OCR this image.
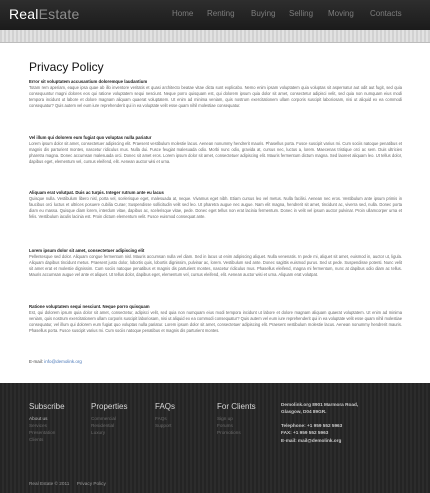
RealEstate	Home Renting Buying Selling Moving Contacts
Privacy Policy
Error sit voluptatem accusantium doloremque laudantium
Totam rem aperiam, eaque ipsa quae ab illo inventore veritatis et quasi architecto beatae vitae dicta sunt explicabo. Nemo enim ipsam voluptatem quia voluptas sit aspernatur aut odit aut fugit, sed quia consequuntur magni dolores eos qui ratione voluptatem sequi nesciunt. Neque porro quisquam est, qui dolorem ipsum quia dolor sit amet, consectetur adipisci velit, sed quia non numquam eius modi tempora incidunt ut labore et dolore magnam aliquam quaerat voluptatem. Ut enim ad minima veniam, quis nostrum exercitationem ullam corporis suscipit laboriosam, nisi ut aliquid ex ea commodi consequatur? Quis autem vel eum iure reprehenderit qui in ea voluptate velit esse quam nihil molestiae consequatur.
Vel illum qui dolorem eum fugiat quo voluptas nulla pariatur
Lorem ipsum dolor sit amet, consectetuer adipiscing elit. Praesent vestibulum molestie lacus. Aenean nonummy hendrerit mauris. Phasellus porta. Fusce suscipit varius mi. Cum sociis natoque penatibus et magnis dis parturient montes, nascetur ridiculus mus. Nulla dui. Fusce feugiat malesuada odio. Morbi nunc odio, gravida at, cursus nec, luctus a, lorem. Maecenas tristique orci ac sem. Duis ultricies pharetra magna. Donec accumsan malesuada orci. Donec sit amet eros. Lorem ipsum dolor sit amet, consectetuer adipiscing elit. Mauris fermentum dictum magna. Sed laoreet aliquam leo. Ut tellus dolor, dapibus eget, elementum vel, cursus eleifend, elit. Aenean auctor wisi et urna.
Aliquam erat volutpat. Duis ac turpis. Integer rutrum ante eu lacus
Quisque nulla. Vestibulum libero nisl, porta vel, scelerisque eget, malesuada at, neque. Vivamus eget nibh. Etiam cursus leo vel metus. Nulla facilisi. Aenean nec eros. Vestibulum ante ipsum primis in faucibus orci luctus et ultrices posuere cubilia Curae; Suspendisse sollicitudin velit sed leo. Ut pharetra augue nec augue. Nam elit magna, hendrerit sit amet, tincidunt ac, viverra sed, nulla. Donec porta diam eu massa. Quisque diam lorem, interdum vitae, dapibus ac, scelerisque vitae, pede. Donec eget tellus non erat lacinia fermentum. Donec in velit vel ipsum auctor pulvinar. Proin ullamcorper urna et felis. Vestibulum iaculis lacinia est. Proin dictum elementum velit. Fusce euismod consequat ante.
Lorem ipsum dolor sit amet, consectetuer adipiscing elit
Pellentesque sed dolor. Aliquam congue fermentum nisl. Mauris accumsan nulla vel diam. Sed in lacus ut enim adipiscing aliquet. Nulla venenatis. In pede mi, aliquet sit amet, euismod in, auctor ut, ligula. Aliquam dapibus tincidunt metus. Praesent justo dolor, lobortis quis, lobortis dignissim, pulvinar ac, lorem. Vestibulum sed ante. Donec sagittis euismod purus. Sed ut pede. Suspendisse potenti. Nunc velit sit amet erat et molestie dignissim. Cum sociis natoque penatibus et magnis dis parturient montes, nascetur ridiculus mus. Phasellus eleifend, magna mi fermentum, nunc at dapibus odio diam ac tellus. Mauris accumsan augue vel ante et aliquet. Ut tellus dolor, dapibus eget, elementum vel, cursus eleifend, elit. Aenean auctor wisi et urna. Aliquam erat volutpat.
Ratione voluptatem sequi nesciunt. Neque porro quisquam
Est, qui dolorem ipsum quia dolor sit amet, consectetur, adipisci velit, sed quia non numquam eius modi tempora incidunt ut labore et dolore magnam aliquam quaerat voluptatem. Ut enim ad minima veniam, quis nostrum exercitationem ullam corporis suscipit laboriosam, nisi ut aliquid ex ea commodi consequatur? Quis autem vel eum iure reprehenderit qui in ea voluptate velit esse quam nihil molestiae consequatur, vel illum qui dolorem eum fugiat quo voluptas nulla pariatur. Lorem ipsum dolor sit amet, consectetuer adipiscing elit. Praesent vestibulum molestie lacus. Aenean nonummy hendrerit mauris. Phasellus porta. Fusce suscipit varius mi. Cum sociis natoque penatibus et magnis dis parturient montes.
E-mail: info@demolink.org
Subscribe
About us
Services
Presentation
Clients
Properties
Commercial
Residential
Luxury
FAQs
FAQs
Support
For Clients
Sign up
Forums
Promotions
Demolink.org 8901 Marmora Road,
Glasgow, D04 89GR.
Telephone: +1 959 552 5963
FAX: +1 959 552 5963
E-mail: mail@demolink.org
Real Estate © 2011 Privacy Policy
